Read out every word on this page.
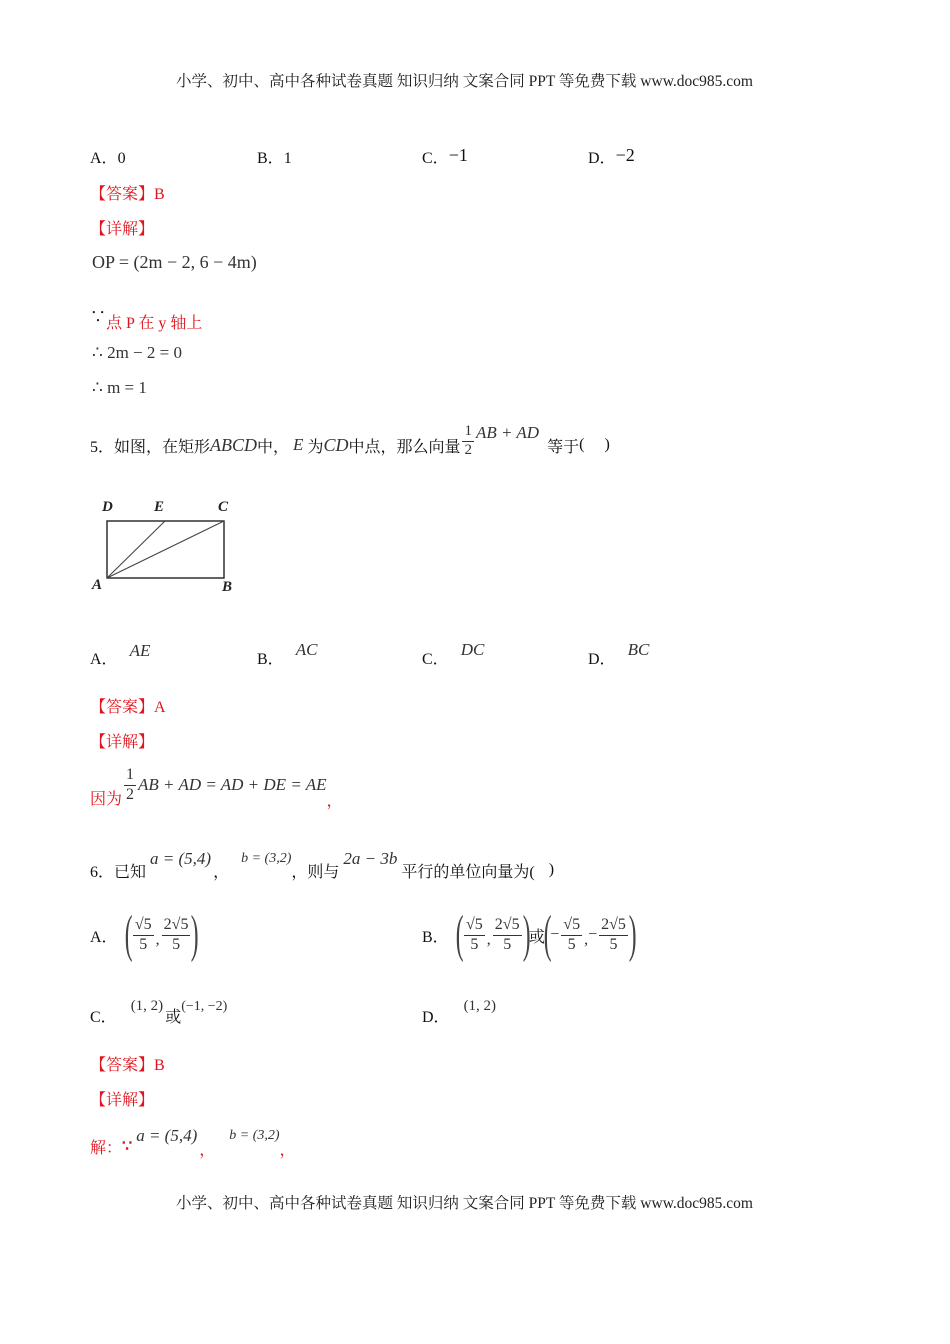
小学、初中、高中各种试卷真题 知识归纳 文案合同 PPT 等免费下载 www.doc985.com
A．0	B．1	C．−1	D．−2
【答案】B
【详解】
OP = (2m − 2, 6 − 4m)
∵点 P 在 y 轴上
∴ 2m − 2 = 0
∴ m = 1
5． 如图，在矩形 ABCD 中， E 为 CD 中点，那么向量 $\frac{1}{2}$ AB + AD
等于 (     )
D	E	C
A	B
A． AE	B．AC
C．DC
D．BC
【答案】A
【详解】
因为 $\frac{1}{2}$ AB + AD = AD + DE = AE
，
6． 已知
a = (5,4)
，
b = (3,2)
，则与
2a − 3b
平行的单位向量为( )
A． ( $\frac{√5}{5}$ , $\frac{2√5}{5}$ )	B． ( $\frac{√5}{5}$ , $\frac{2√5}{5}$ )
或
(
− $\frac{√5}{5}$ , − $\frac{2√5}{5}$ )
C．(1, 2)或(−1, −2)
D．(1, 2)
【答案】B
【详解】
解： ∵
a = (5,4)
，
b = (3,2)
，
小学、初中、高中各种试卷真题 知识归纳 文案合同 PPT 等免费下载 www.doc985.com
